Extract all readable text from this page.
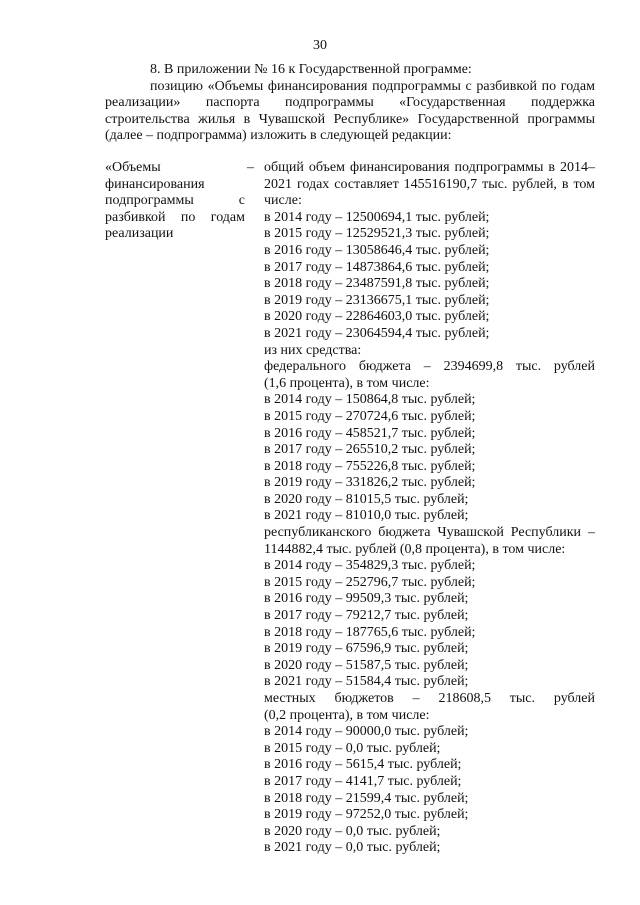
30

8. В приложении № 16 к Государственной программе:

позицию «Объемы финансирования подпрограммы с разбивкой по годам реализации» паспорта подпрограммы «Государственная поддержка строительства жилья в Чувашской Республике» Государственной программы (далее – подпрограмма) изложить в следующей редакции:

«Объемы финансирования подпрограммы с разбивкой по годам реализации
– общий объем финансирования подпрограммы в 2014–2021 годах составляет 145516190,7 тыс. рублей, в том числе:
в 2014 году – 12500694,1 тыс. рублей;
в 2015 году – 12529521,3 тыс. рублей;
в 2016 году – 13058646,4 тыс. рублей;
в 2017 году – 14873864,6 тыс. рублей;
в 2018 году – 23487591,8 тыс. рублей;
в 2019 году – 23136675,1 тыс. рублей;
в 2020 году – 22864603,0 тыс. рублей;
в 2021 году – 23064594,4 тыс. рублей;
из них средства:
федерального бюджета – 2394699,8 тыс. рублей
(1,6 процента), в том числе:
в 2014 году – 150864,8 тыс. рублей;
в 2015 году – 270724,6 тыс. рублей;
в 2016 году – 458521,7 тыс. рублей;
в 2017 году – 265510,2 тыс. рублей;
в 2018 году – 755226,8 тыс. рублей;
в 2019 году – 331826,2 тыс. рублей;
в 2020 году – 81015,5 тыс. рублей;
в 2021 году – 81010,0 тыс. рублей;
республиканского бюджета Чувашской Республики – 1144882,4 тыс. рублей (0,8 процента), в том числе:
в 2014 году – 354829,3 тыс. рублей;
в 2015 году – 252796,7 тыс. рублей;
в 2016 году – 99509,3 тыс. рублей;
в 2017 году – 79212,7 тыс. рублей;
в 2018 году – 187765,6 тыс. рублей;
в 2019 году – 67596,9 тыс. рублей;
в 2020 году – 51587,5 тыс. рублей;
в 2021 году – 51584,4 тыс. рублей;
местных бюджетов – 218608,5 тыс. рублей
(0,2 процента), в том числе:
в 2014 году – 90000,0 тыс. рублей;
в 2015 году – 0,0 тыс. рублей;
в 2016 году – 5615,4 тыс. рублей;
в 2017 году – 4141,7 тыс. рублей;
в 2018 году – 21599,4 тыс. рублей;
в 2019 году – 97252,0 тыс. рублей;
в 2020 году – 0,0 тыс. рублей;
в 2021 году – 0,0 тыс. рублей;
